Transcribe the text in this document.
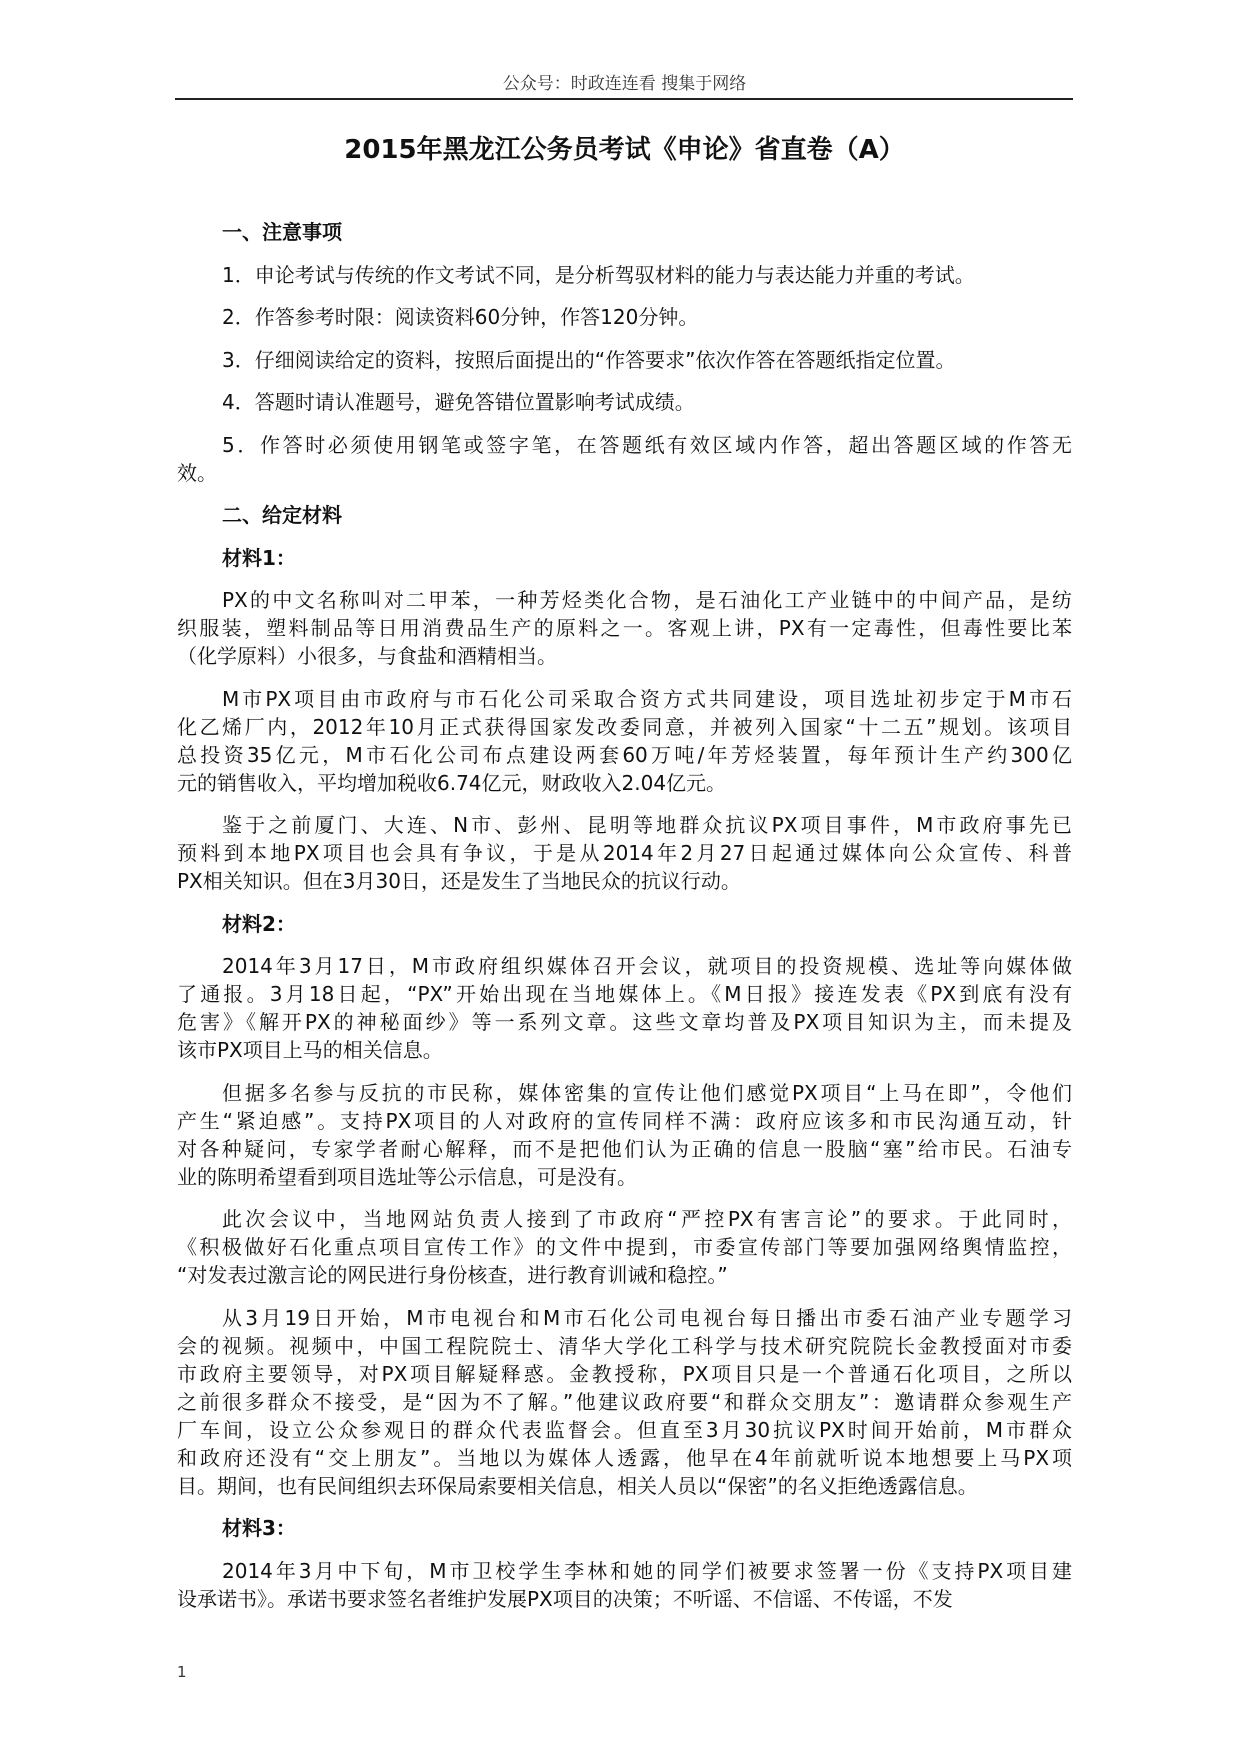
公众号：时政连连看 搜集于网络
2015年黑龙江公务员考试《申论》省直卷（A）
一、注意事项
1．申论考试与传统的作文考试不同，是分析驾驭材料的能力与表达能力并重的考试。
2．作答参考时限：阅读资料60分钟，作答120分钟。
3．仔细阅读给定的资料，按照后面提出的“作答要求”依次作答在答题纸指定位置。
4．答题时请认准题号，避免答错位置影响考试成绩。
5．作答时必须使用钢笔或签字笔，在答题纸有效区域内作答，超出答题区域的作答无
效。
二、给定材料
材料1：
PX的中文名称叫对二甲苯，一种芳烃类化合物，是石油化工产业链中的中间产品，是纺
织服装，塑料制品等日用消费品生产的原料之一。客观上讲，PX有一定毒性，但毒性要比苯
（化学原料）小很多，与食盐和酒精相当。
M市PX项目由市政府与市石化公司采取合资方式共同建设，项目选址初步定于M市石
化乙烯厂内，2012年10月正式获得国家发改委同意，并被列入国家“十二五”规划。该项目
总投资35亿元，M市石化公司布点建设两套60万吨/年芳烃装置，每年预计生产约300亿
元的销售收入，平均增加税收6.74亿元，财政收入2.04亿元。
鉴于之前厦门、大连、N市、彭州、昆明等地群众抗议PX项目事件，M市政府事先已
预料到本地PX项目也会具有争议，于是从2014年2月27日起通过媒体向公众宣传、科普
PX相关知识。但在3月30日，还是发生了当地民众的抗议行动。
材料2：
2014年3月17日，M市政府组织媒体召开会议，就项目的投资规模、选址等向媒体做
了通报。3月18日起，“PX”开始出现在当地媒体上。《M日报》接连发表《PX到底有没有
危害》《解开PX的神秘面纱》等一系列文章。这些文章均普及PX项目知识为主，而未提及
该市PX项目上马的相关信息。
但据多名参与反抗的市民称，媒体密集的宣传让他们感觉PX项目“上马在即”，令他们
产生“紧迫感”。支持PX项目的人对政府的宣传同样不满：政府应该多和市民沟通互动，针
对各种疑问，专家学者耐心解释，而不是把他们认为正确的信息一股脑“塞”给市民。石油专
业的陈明希望看到项目选址等公示信息，可是没有。
此次会议中，当地网站负责人接到了市政府“严控PX有害言论”的要求。于此同时，
《积极做好石化重点项目宣传工作》的文件中提到，市委宣传部门等要加强网络舆情监控，
“对发表过激言论的网民进行身份核查，进行教育训诫和稳控。”
从3月19日开始，M市电视台和M市石化公司电视台每日播出市委石油产业专题学习
会的视频。视频中，中国工程院院士、清华大学化工科学与技术研究院院长金教授面对市委
市政府主要领导，对PX项目解疑释惑。金教授称，PX项目只是一个普通石化项目，之所以
之前很多群众不接受，是“因为不了解。”他建议政府要“和群众交朋友”：邀请群众参观生产
厂车间，设立公众参观日的群众代表监督会。但直至3月30抗议PX时间开始前，M市群众
和政府还没有“交上朋友”。当地以为媒体人透露，他早在4年前就听说本地想要上马PX项
目。期间，也有民间组织去环保局索要相关信息，相关人员以“保密”的名义拒绝透露信息。
材料3：
2014年3月中下旬，M市卫校学生李林和她的同学们被要求签署一份《支持PX项目建
设承诺书》。承诺书要求签名者维护发展PX项目的决策；不听谣、不信谣、不传谣，不发
1
